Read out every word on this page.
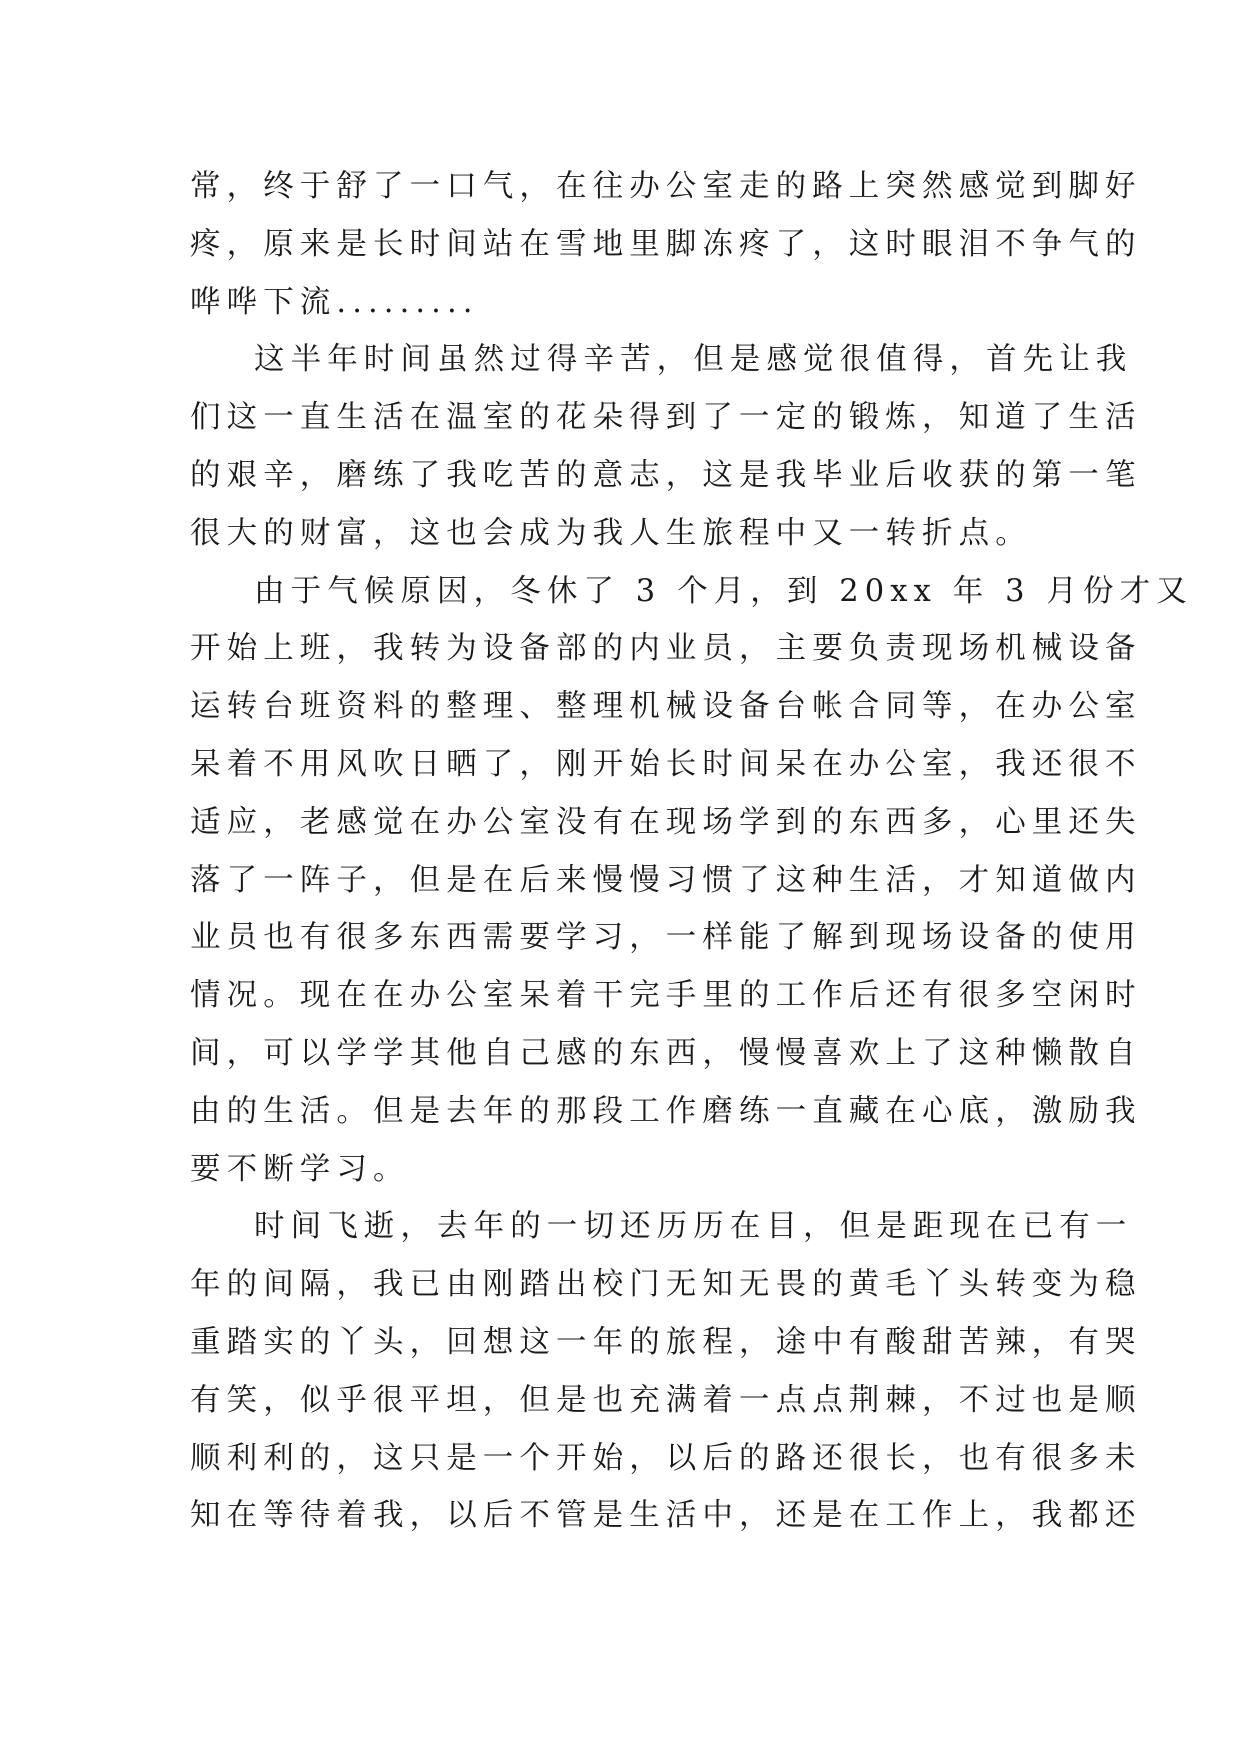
常，终于舒了一口气，在往办公室走的路上突然感觉到脚好
疼，原来是长时间站在雪地里脚冻疼了，这时眼泪不争气的
哗哗下流.........
这半年时间虽然过得辛苦，但是感觉很值得，首先让我
们这一直生活在温室的花朵得到了一定的锻炼，知道了生活
的艰辛，磨练了我吃苦的意志，这是我毕业后收获的第一笔
很大的财富，这也会成为我人生旅程中又一转折点。
由于气候原因，冬休了 3 个月，到 20xx 年 3 月份才又
开始上班，我转为设备部的内业员，主要负责现场机械设备
运转台班资料的整理、整理机械设备台帐合同等，在办公室
呆着不用风吹日晒了，刚开始长时间呆在办公室，我还很不
适应，老感觉在办公室没有在现场学到的东西多，心里还失
落了一阵子，但是在后来慢慢习惯了这种生活，才知道做内
业员也有很多东西需要学习，一样能了解到现场设备的使用
情况。现在在办公室呆着干完手里的工作后还有很多空闲时
间，可以学学其他自己感的东西，慢慢喜欢上了这种懒散自
由的生活。但是去年的那段工作磨练一直藏在心底，激励我
要不断学习。
时间飞逝，去年的一切还历历在目，但是距现在已有一
年的间隔，我已由刚踏出校门无知无畏的黄毛丫头转变为稳
重踏实的丫头，回想这一年的旅程，途中有酸甜苦辣，有哭
有笑，似乎很平坦，但是也充满着一点点荆棘，不过也是顺
顺利利的，这只是一个开始，以后的路还很长，也有很多未
知在等待着我，以后不管是生活中，还是在工作上，我都还
